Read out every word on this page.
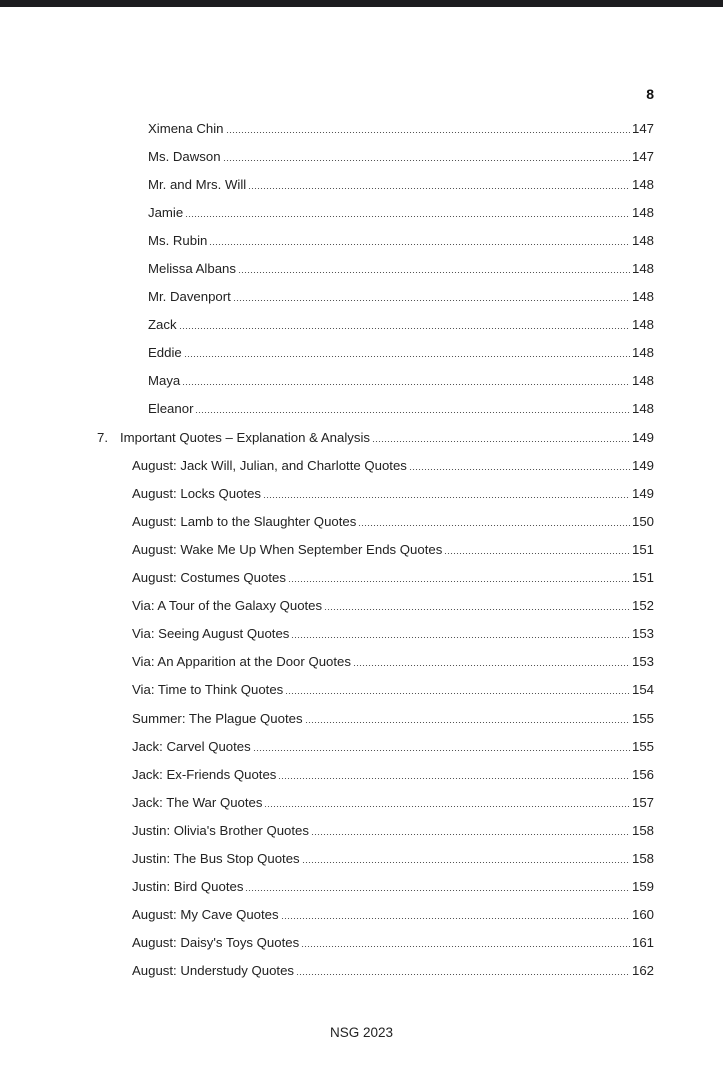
8
Ximena Chin	147
Ms. Dawson	147
Mr. and Mrs. Will	148
Jamie	148
Ms. Rubin	148
Melissa Albans	148
Mr. Davenport	148
Zack	148
Eddie	148
Maya	148
Eleanor	148
7. Important Quotes – Explanation & Analysis	149
August: Jack Will, Julian, and Charlotte Quotes	149
August: Locks Quotes	149
August: Lamb to the Slaughter Quotes	150
August: Wake Me Up When September Ends Quotes	151
August: Costumes Quotes	151
Via: A Tour of the Galaxy Quotes	152
Via: Seeing August Quotes	153
Via: An Apparition at the Door Quotes	153
Via: Time to Think Quotes	154
Summer: The Plague Quotes	155
Jack: Carvel Quotes	155
Jack: Ex-Friends Quotes	156
Jack: The War Quotes	157
Justin: Olivia's Brother Quotes	158
Justin: The Bus Stop Quotes	158
Justin: Bird Quotes	159
August: My Cave Quotes	160
August: Daisy's Toys Quotes	161
August: Understudy Quotes	162
NSG 2023
